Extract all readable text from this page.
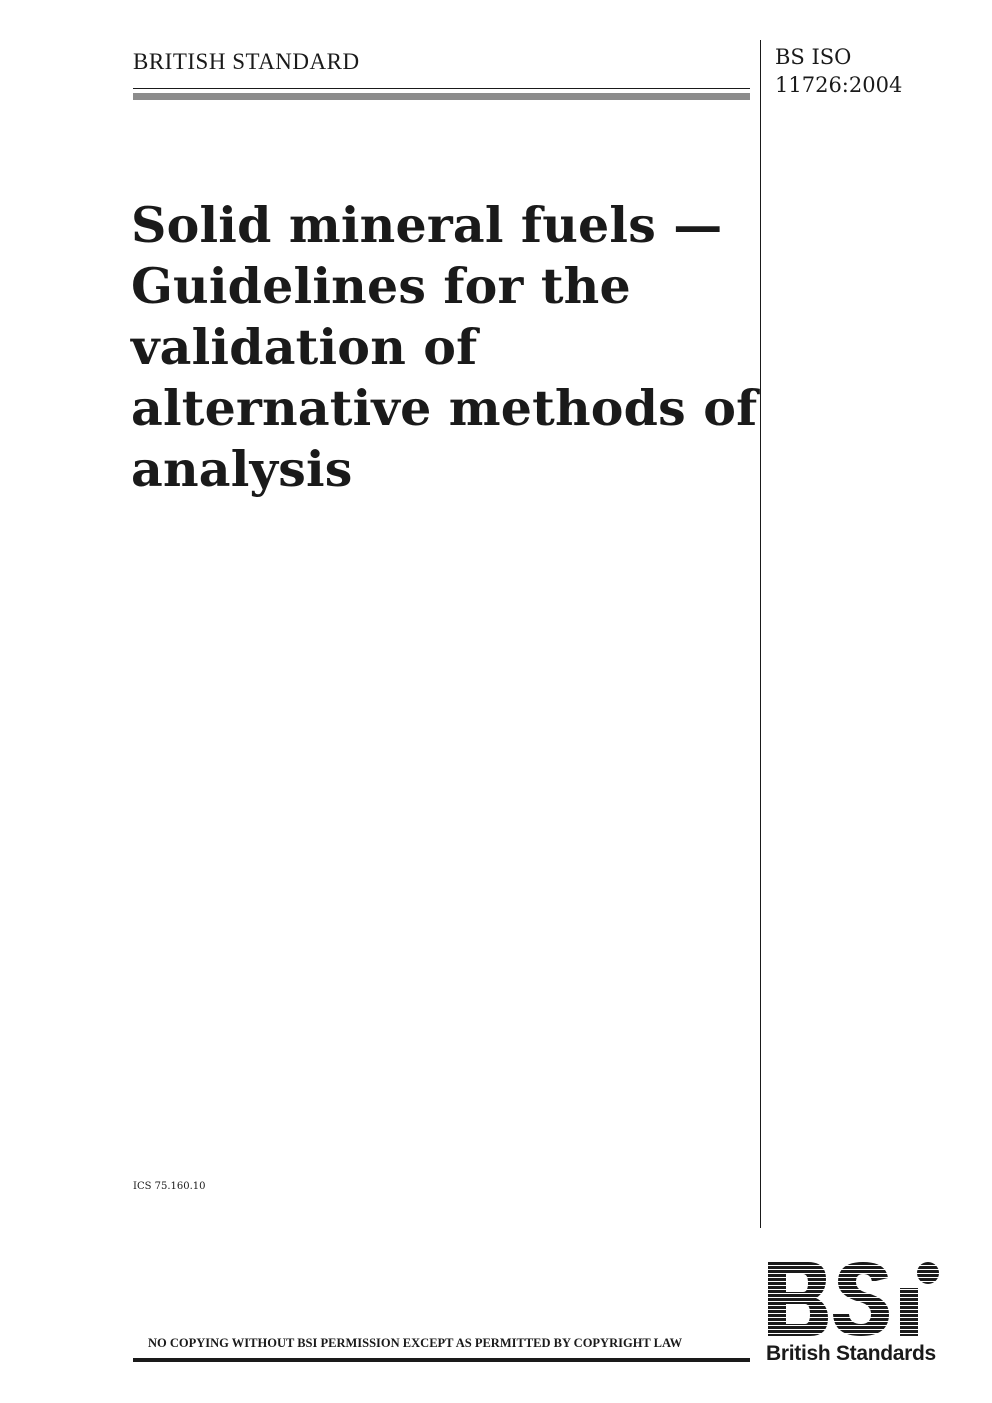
BRITISH STANDARD	BS ISO
11726:2004
Solid mineral fuels —
Guidelines for the
validation of
alternative methods of
analysis
ICS 75.160.10
NO COPYING WITHOUT BSI PERMISSION EXCEPT AS PERMITTED BY COPYRIGHT LAW	British Standards
